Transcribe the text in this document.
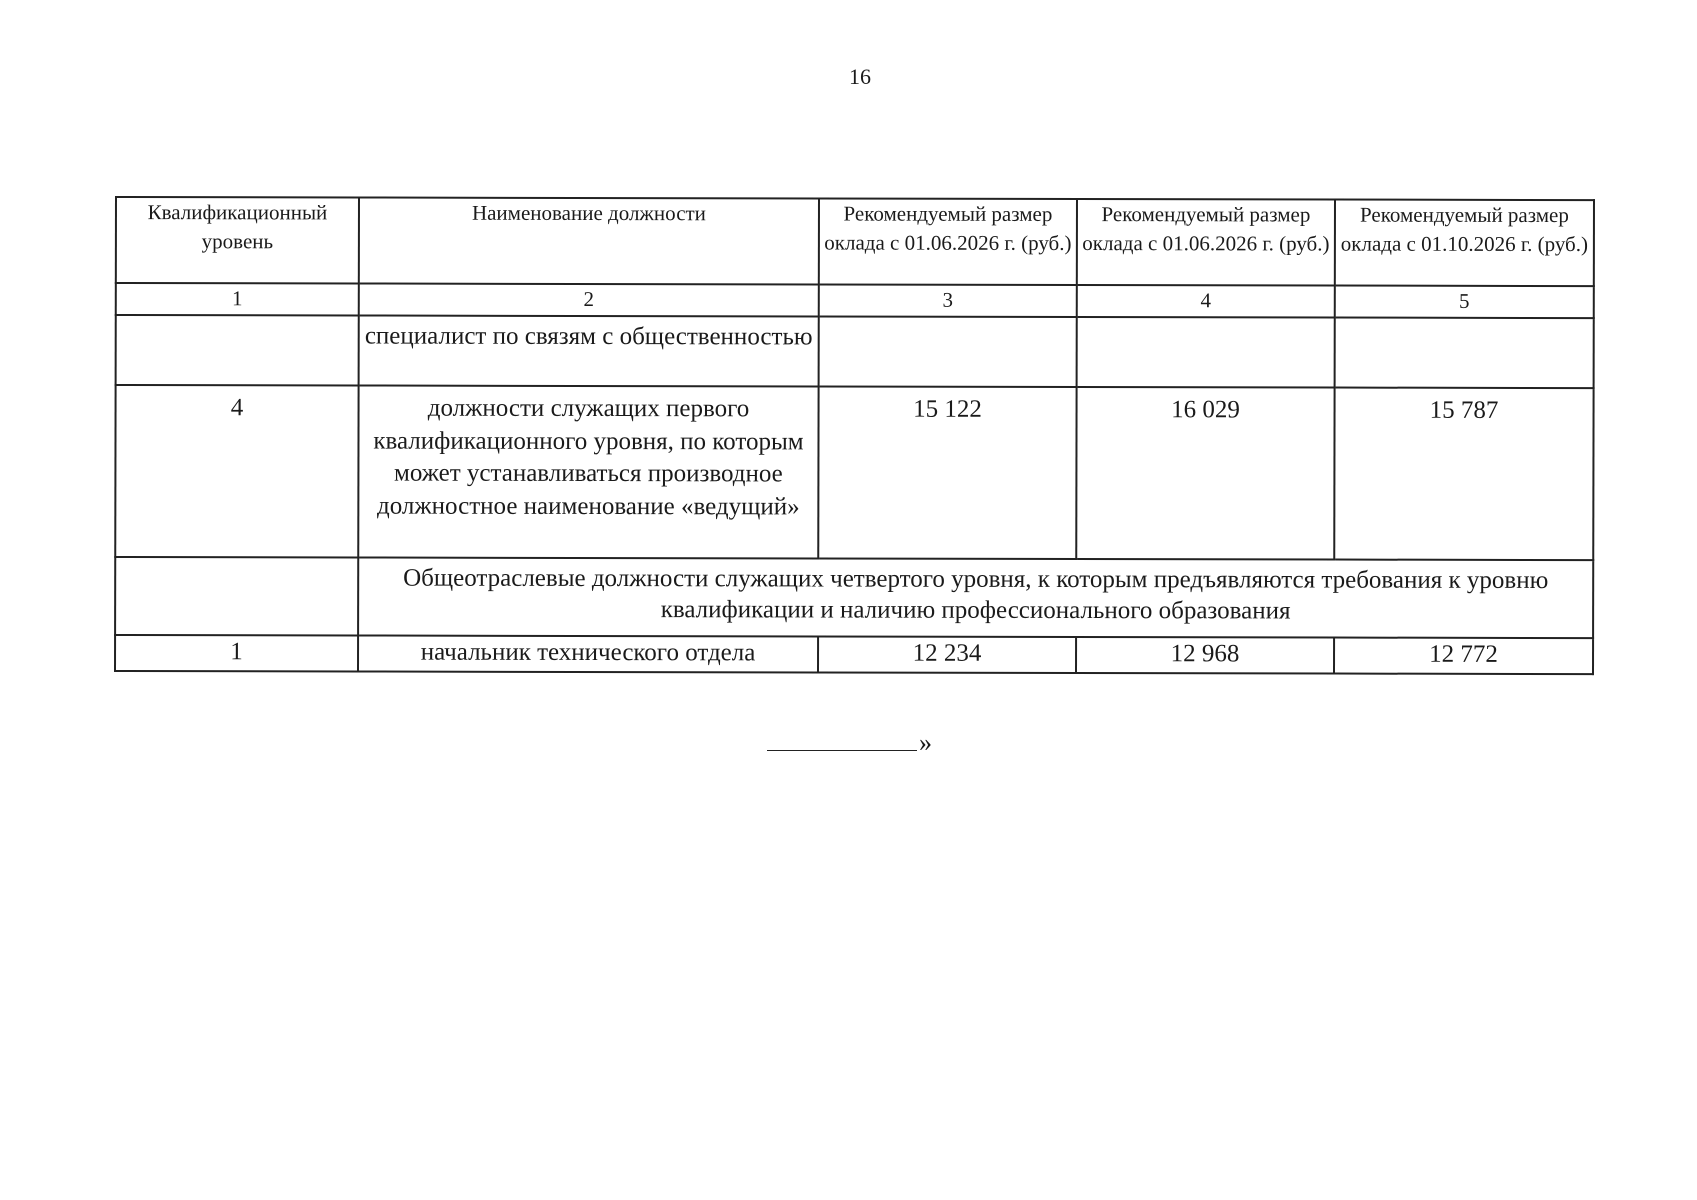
16
Квалификационный уровень	Наименование должности	Рекомендуемый размер оклада с 01.06.2026 г. (руб.)	Рекомендуемый размер оклада с 01.06.2026 г. (руб.)	Рекомендуемый размер оклада с 01.10.2026 г. (руб.)
1	2	3	4	5
	специалист по связям с общественностью			
4	должности служащих первого квалификационного уровня, по которым может устанавливаться производное должностное наименование «ведущий»	15 122	16 029	15 787
	Общеотраслевые должности служащих четвертого уровня, к которым предъявляются требования к уровню квалификации и наличию профессионального образования			
1	начальник технического отдела	12 234	12 968	12 772
»
